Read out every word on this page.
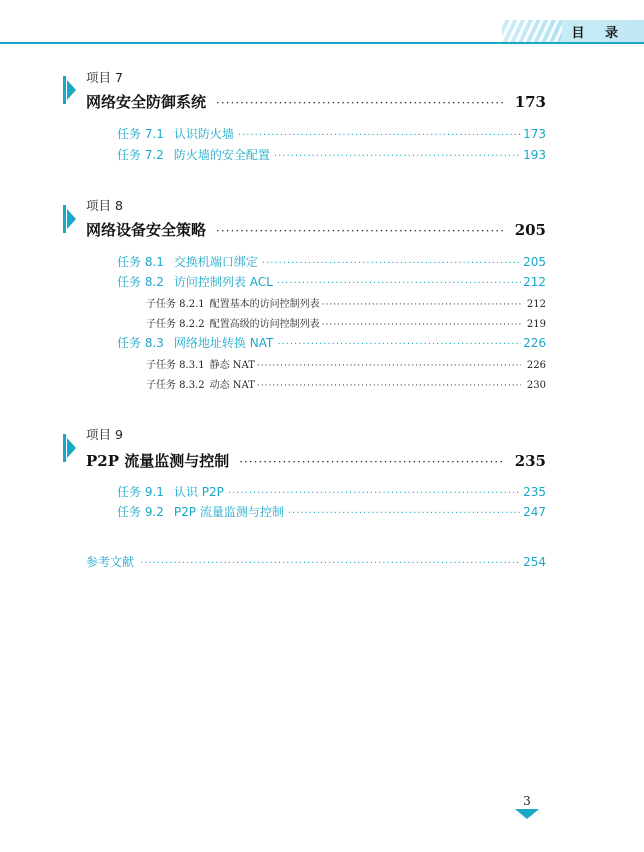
目 录
项目 7
网络安全防御系统 ·····	173
任务 7.1 认识防火墙 ·····	173
任务 7.2 防火墙的安全配置 ·····	193
项目 8
网络设备安全策略 ·····	205
任务 8.1 交换机端口绑定 ·····	205
任务 8.2 访问控制列表 ACL ·····	212
子任务 8.2.1 配置基本的访问控制列表 ·····	212
子任务 8.2.2 配置高级的访问控制列表 ·····	219
任务 8.3 网络地址转换 NAT ·····	226
子任务 8.3.1 静态 NAT ·····	226
子任务 8.3.2 动态 NAT ·····	230
项目 9
P2P 流量监测与控制 ·····	235
任务 9.1 认识 P2P ·····	235
任务 9.2 P2P 流量监测与控制 ·····	247
参考文献 ·····	254
3
